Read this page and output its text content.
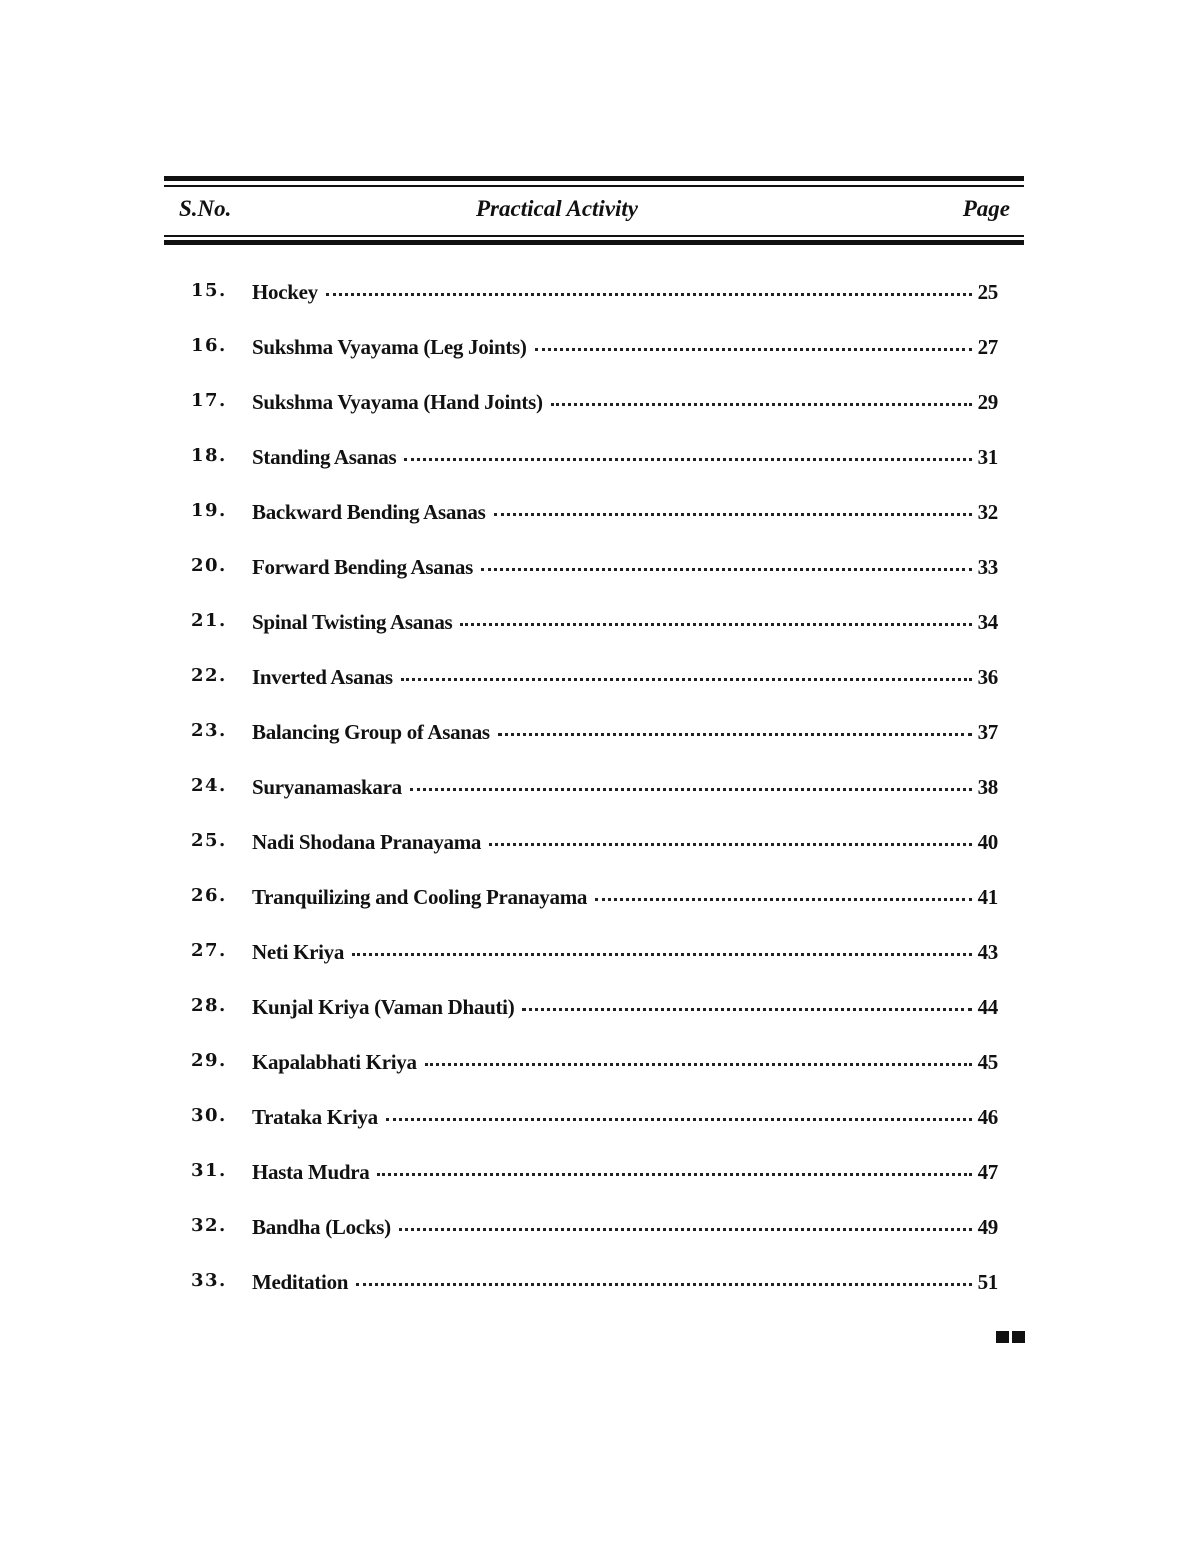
S.No.	Practical Activity	Page
15. Hockey	25
16. Sukshma Vyayama (Leg Joints)	27
17. Sukshma Vyayama (Hand Joints)	29
18. Standing Asanas	31
19. Backward Bending Asanas	32
20. Forward Bending Asanas	33
21. Spinal Twisting Asanas	34
22. Inverted Asanas	36
23. Balancing Group of Asanas	37
24. Suryanamaskara	38
25. Nadi Shodana Pranayama	40
26. Tranquilizing and Cooling Pranayama	41
27. Neti Kriya	43
28. Kunjal Kriya (Vaman Dhauti)	44
29. Kapalabhati Kriya	45
30. Trataka Kriya	46
31. Hasta Mudra	47
32. Bandha (Locks)	49
33. Meditation	51
